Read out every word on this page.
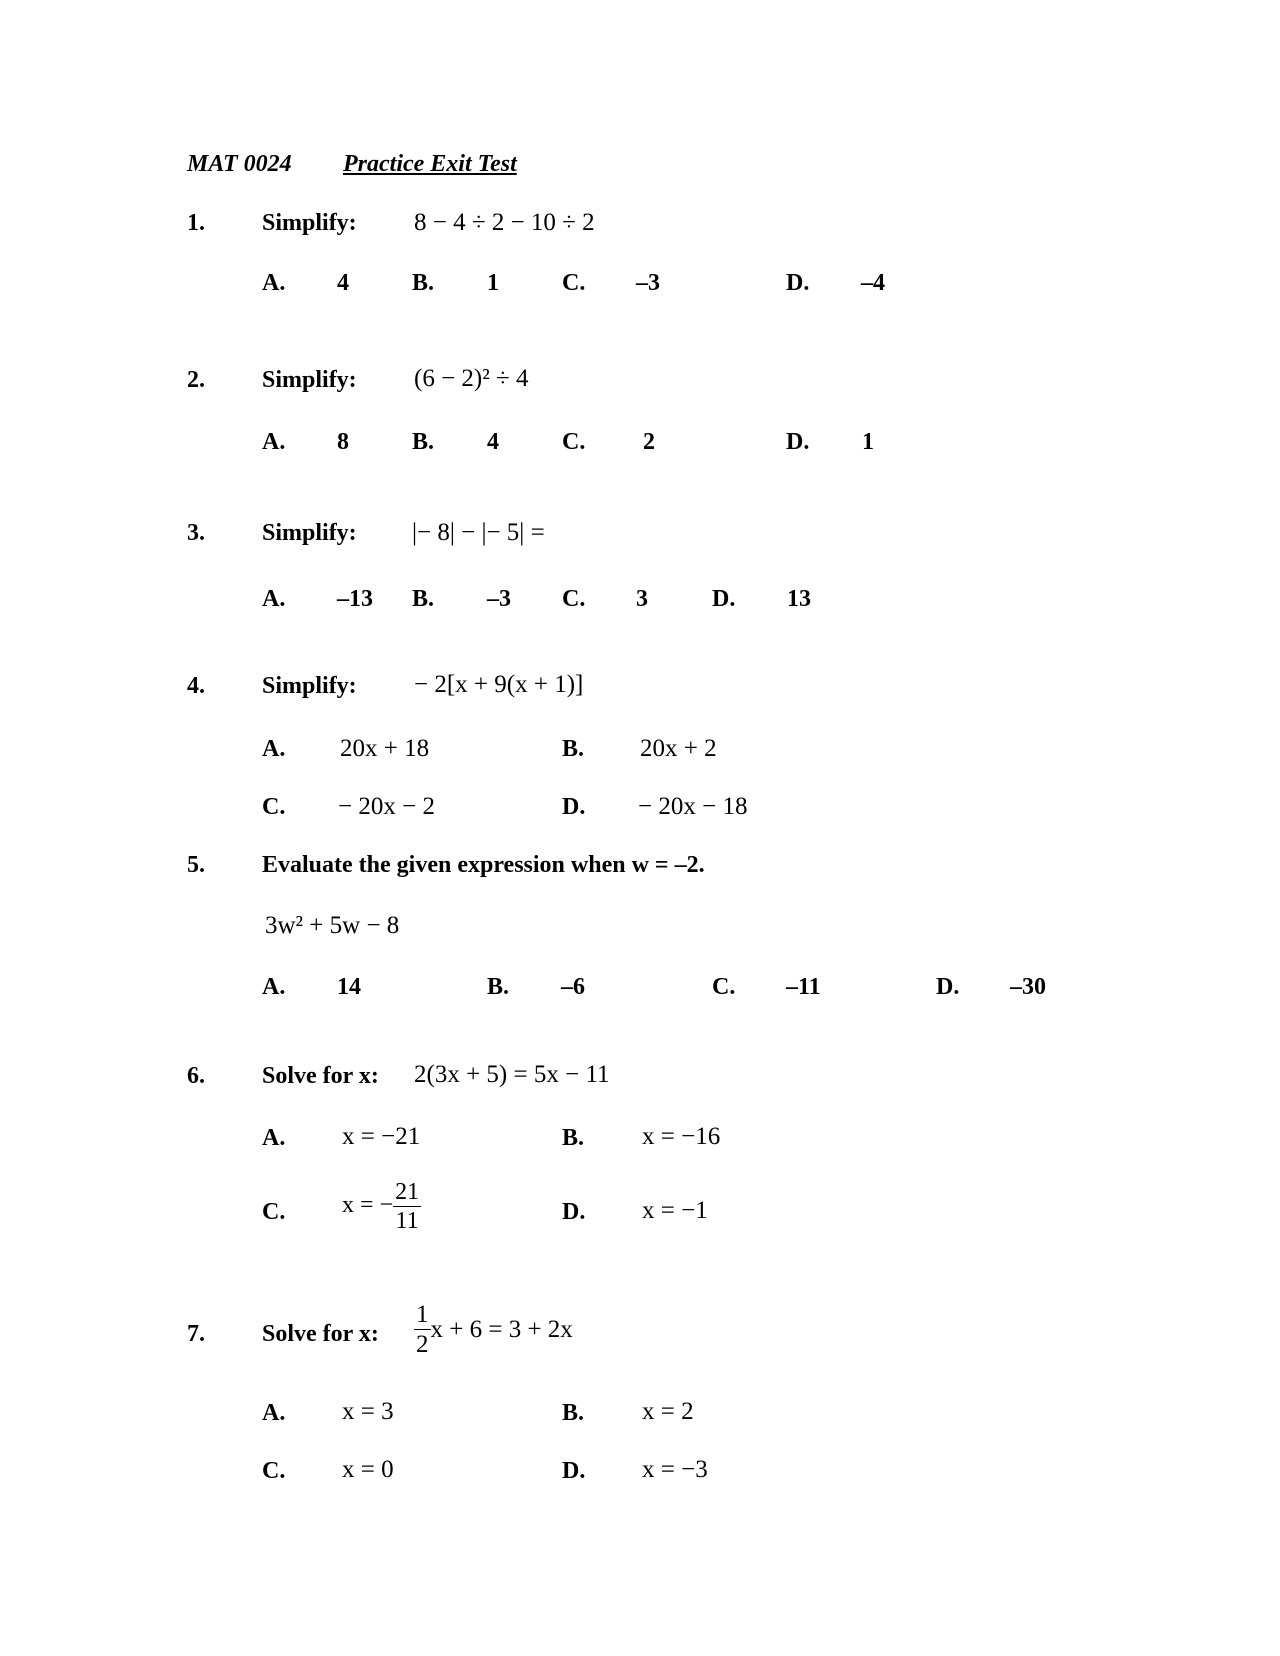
MAT 0024 Practice Exit Test
1. Simplify: 8 − 4 ÷ 2 − 10 ÷ 2
A. 4	B. 1	C. –3	D. –4
2. Simplify: (6 − 2)² ÷ 4
A. 8	B. 4	C. 2	D. 1
3. Simplify: |− 8| − |− 5| =
A. –13 B. –3 C. 3	D. 13
4. Simplify: − 2[x + 9(x + 1)]
A. 20x + 18	B. 20x + 2
C. − 20x − 2	D. − 20x − 18
5. Evaluate the given expression when w = –2.
3w² + 5w − 8
A. 14	B. –6	C. –11	D. –30
6. Solve for x: 2(3x + 5) = 5x − 11
A. x = −21	B. x = −16
C. x = − $\frac{21}{11}$	D. x = −1
7. Solve for x: $\frac{1}{2}$ x + 6 = 3 + 2x
A. x = 3	B. x = 2
C. x = 0	D. x = −3
